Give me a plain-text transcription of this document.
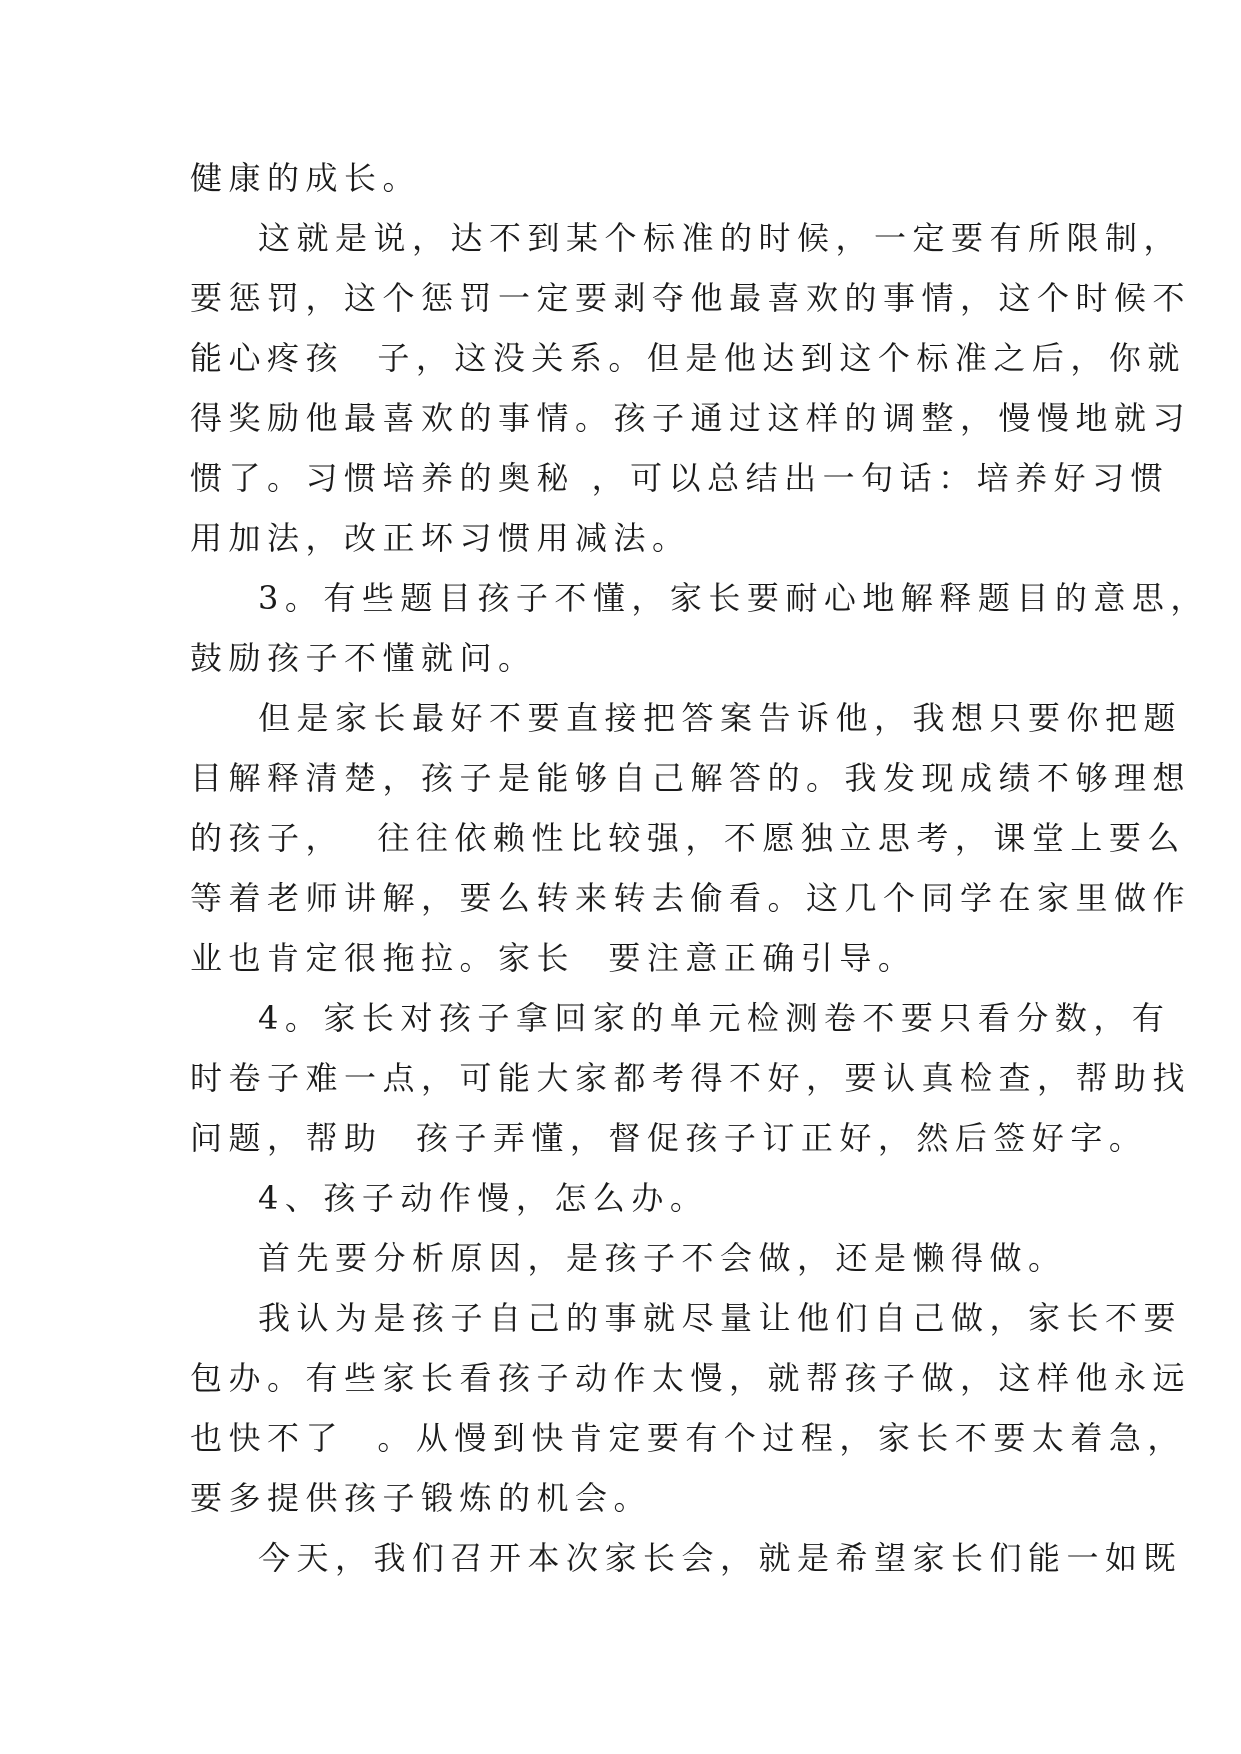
健康的成长。
这就是说，达不到某个标准的时候，一定要有所限制，
要惩罚，这个惩罚一定要剥夺他最喜欢的事情，这个时候不
能心疼孩  子，这没关系。但是他达到这个标准之后，你就
得奖励他最喜欢的事情。孩子通过这样的调整，慢慢地就习
惯了。习惯培养的奥秘 ，可以总结出一句话：培养好习惯
用加法，改正坏习惯用减法。
3。有些题目孩子不懂，家长要耐心地解释题目的意思，
鼓励孩子不懂就问。
但是家长最好不要直接把答案告诉他，我想只要你把题
目解释清楚，孩子是能够自己解答的。我发现成绩不够理想
的孩子，  往往依赖性比较强，不愿独立思考，课堂上要么
等着老师讲解，要么转来转去偷看。这几个同学在家里做作
业也肯定很拖拉。家长  要注意正确引导。
4。家长对孩子拿回家的单元检测卷不要只看分数，有
时卷子难一点，可能大家都考得不好，要认真检查，帮助找
问题，帮助  孩子弄懂，督促孩子订正好，然后签好字。
4、孩子动作慢，怎么办。
首先要分析原因，是孩子不会做，还是懒得做。
我认为是孩子自己的事就尽量让他们自己做，家长不要
包办。有些家长看孩子动作太慢，就帮孩子做，这样他永远
也快不了  。从慢到快肯定要有个过程，家长不要太着急，
要多提供孩子锻炼的机会。
今天，我们召开本次家长会，就是希望家长们能一如既
